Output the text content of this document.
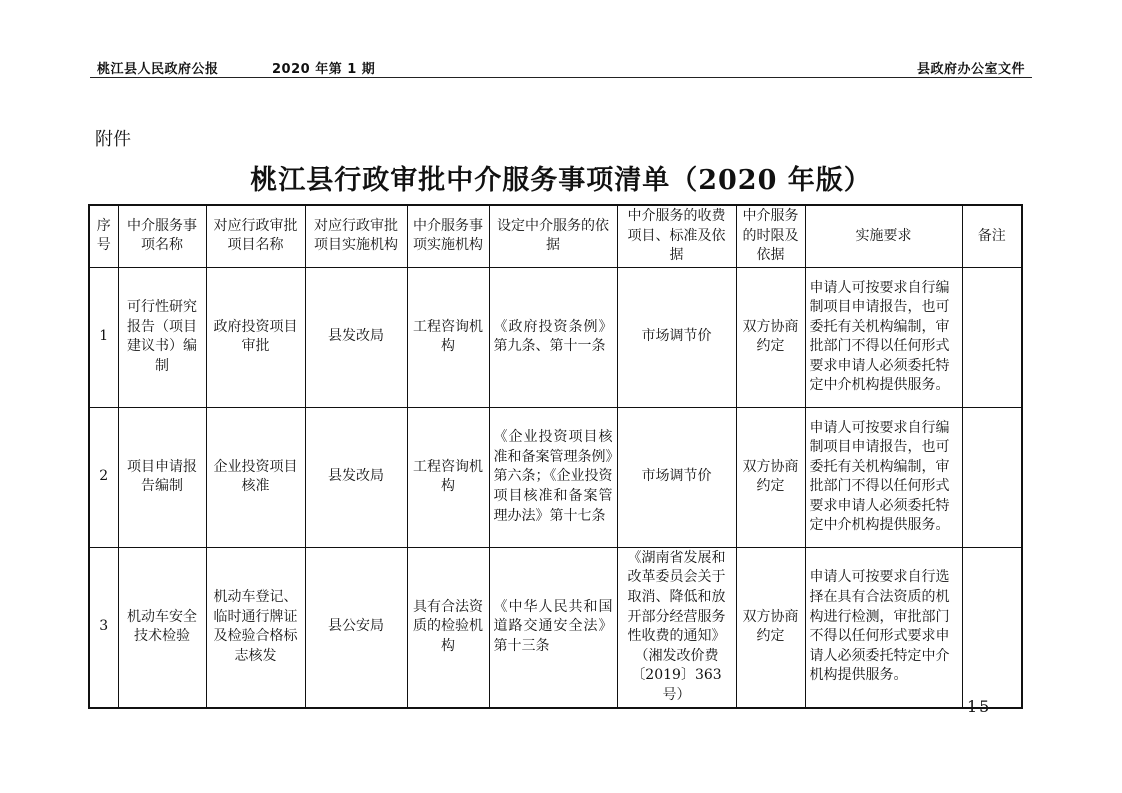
桃江县人民政府公报	2020 年第 1 期	县政府办公室文件
附件
桃江县行政审批中介服务事项清单（2020 年版）
序号	中介服务事项名称	对应行政审批项目名称	对应行政审批项目实施机构	中介服务事项实施机构	设定中介服务的依据	中介服务的收费项目、标准及依据	中介服务的时限及依据	实施要求	备注
1	可行性研究报告（项目建议书）编制	政府投资项目审批	县发改局	工程咨询机构	《政府投资条例》第九条、第十一条	市场调节价	双方协商约定	申请人可按要求自行编制项目申请报告，也可委托有关机构编制，审批部门不得以任何形式要求申请人必须委托特定中介机构提供服务。	
2	项目申请报告编制	企业投资项目核准	县发改局	工程咨询机构	《企业投资项目核准和备案管理条例》第六条；《企业投资项目核准和备案管理办法》第十七条	市场调节价	双方协商约定	申请人可按要求自行编制项目申请报告，也可委托有关机构编制，审批部门不得以任何形式要求申请人必须委托特定中介机构提供服务。	
3	机动车安全技术检验	机动车登记、临时通行牌证及检验合格标志核发	县公安局	具有合法资质的检验机构	《中华人民共和国道路交通安全法》第十三条	《湖南省发展和改革委员会关于取消、降低和放开部分经营服务性收费的通知》（湘发改价费〔2019〕363 号）	双方协商约定	申请人可按要求自行选择在具有合法资质的机构进行检测，审批部门不得以任何形式要求申请人必须委托特定中介机构提供服务。	
15
